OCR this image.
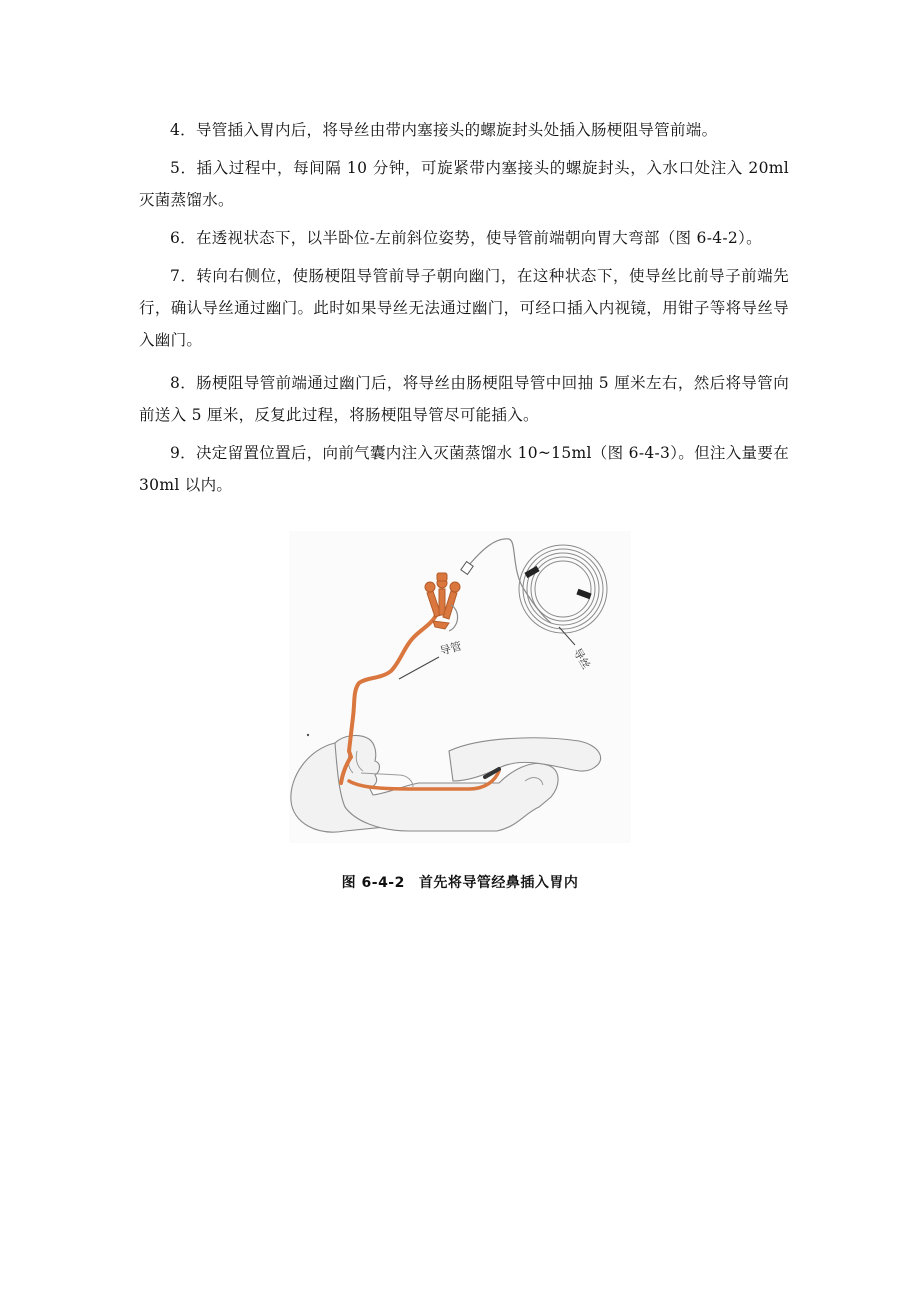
4．导管插入胃内后，将导丝由带内塞接头的螺旋封头处插入肠梗阻导管前端。

5．插入过程中，每间隔 10 分钟，可旋紧带内塞接头的螺旋封头，入水口处注入 20ml 灭菌蒸馏水。

6．在透视状态下，以半卧位-左前斜位姿势，使导管前端朝向胃大弯部（图 6-4-2）。

7．转向右侧位，使肠梗阻导管前导子朝向幽门，在这种状态下，使导丝比前导子前端先行，确认导丝通过幽门。此时如果导丝无法通过幽门，可经口插入内视镜，用钳子等将导丝导入幽门。

8．肠梗阻导管前端通过幽门后，将导丝由肠梗阻导管中回抽 5 厘米左右，然后将导管向前送入 5 厘米，反复此过程，将肠梗阻导管尽可能插入。

9．决定留置位置后，向前气囊内注入灭菌蒸馏水 10~15ml（图 6-4-3）。但注入量要在 30ml 以内。

导管	导丝
图 6-4-2 首先将导管经鼻插入胃内
